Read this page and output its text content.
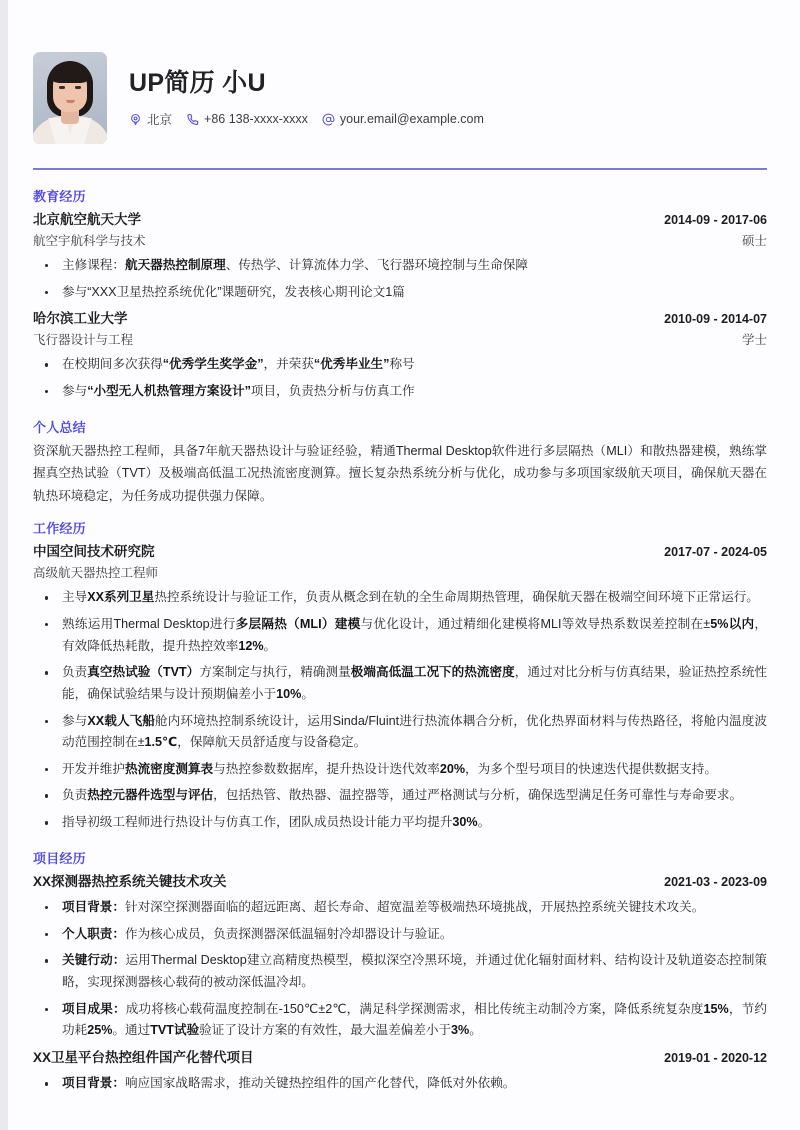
UP简历 小U
北京	+86 138-xxxx-xxxx	your.email@example.com
教育经历
北京航空航天大学	2014-09 - 2017-06
航空宇航科学与技术	硕士
主修课程：航天器热控制原理、传热学、计算流体力学、飞行器环境控制与生命保障
参与“XXX卫星热控系统优化”课题研究，发表核心期刊论文1篇
哈尔滨工业大学	2010-09 - 2014-07
飞行器设计与工程	学士
在校期间多次获得“优秀学生奖学金”，并荣获“优秀毕业生”称号
参与“小型无人机热管理方案设计”项目，负责热分析与仿真工作
个人总结
资深航天器热控工程师，具备7年航天器热设计与验证经验，精通Thermal Desktop软件进行多层隔热（MLI）和散热器建模，熟练掌握真空热试验（TVT）及极端高低温工况热流密度测算。擅长复杂热系统分析与优化，成功参与多项国家级航天项目，确保航天器在轨热环境稳定，为任务成功提供强力保障。
工作经历
中国空间技术研究院	2017-07 - 2024-05
高级航天器热控工程师
主导XX系列卫星热控系统设计与验证工作，负责从概念到在轨的全生命周期热管理，确保航天器在极端空间环境下正常运行。
熟练运用Thermal Desktop进行多层隔热（MLI）建模与优化设计，通过精细化建模将MLI等效导热系数误差控制在±5%以内，有效降低热耗散，提升热控效率12%。
负责真空热试验（TVT）方案制定与执行，精确测量极端高低温工况下的热流密度，通过对比分析与仿真结果，验证热控系统性能，确保试验结果与设计预期偏差小于10%。
参与XX载人飞船舱内环境热控制系统设计，运用Sinda/Fluint进行热流体耦合分析，优化热界面材料与传热路径，将舱内温度波动范围控制在±1.5℃，保障航天员舒适度与设备稳定。
开发并维护热流密度测算表与热控参数数据库，提升热设计迭代效率20%，为多个型号项目的快速迭代提供数据支持。
负责热控元器件选型与评估，包括热管、散热器、温控器等，通过严格测试与分析，确保选型满足任务可靠性与寿命要求。
指导初级工程师进行热设计与仿真工作，团队成员热设计能力平均提升30%。
项目经历
XX探测器热控系统关键技术攻关	2021-03 - 2023-09
项目背景：针对深空探测器面临的超远距离、超长寿命、超宽温差等极端热环境挑战，开展热控系统关键技术攻关。
个人职责：作为核心成员，负责探测器深低温辐射冷却器设计与验证。
关键行动：运用Thermal Desktop建立高精度热模型，模拟深空冷黑环境，并通过优化辐射面材料、结构设计及轨道姿态控制策略，实现探测器核心载荷的被动深低温冷却。
项目成果：成功将核心载荷温度控制在-150℃±2℃，满足科学探测需求，相比传统主动制冷方案，降低系统复杂度15%，节约功耗25%。通过TVT试验验证了设计方案的有效性，最大温差偏差小于3%。
XX卫星平台热控组件国产化替代项目	2019-01 - 2020-12
项目背景：响应国家战略需求，推动关键热控组件的国产化替代，降低对外依赖。
